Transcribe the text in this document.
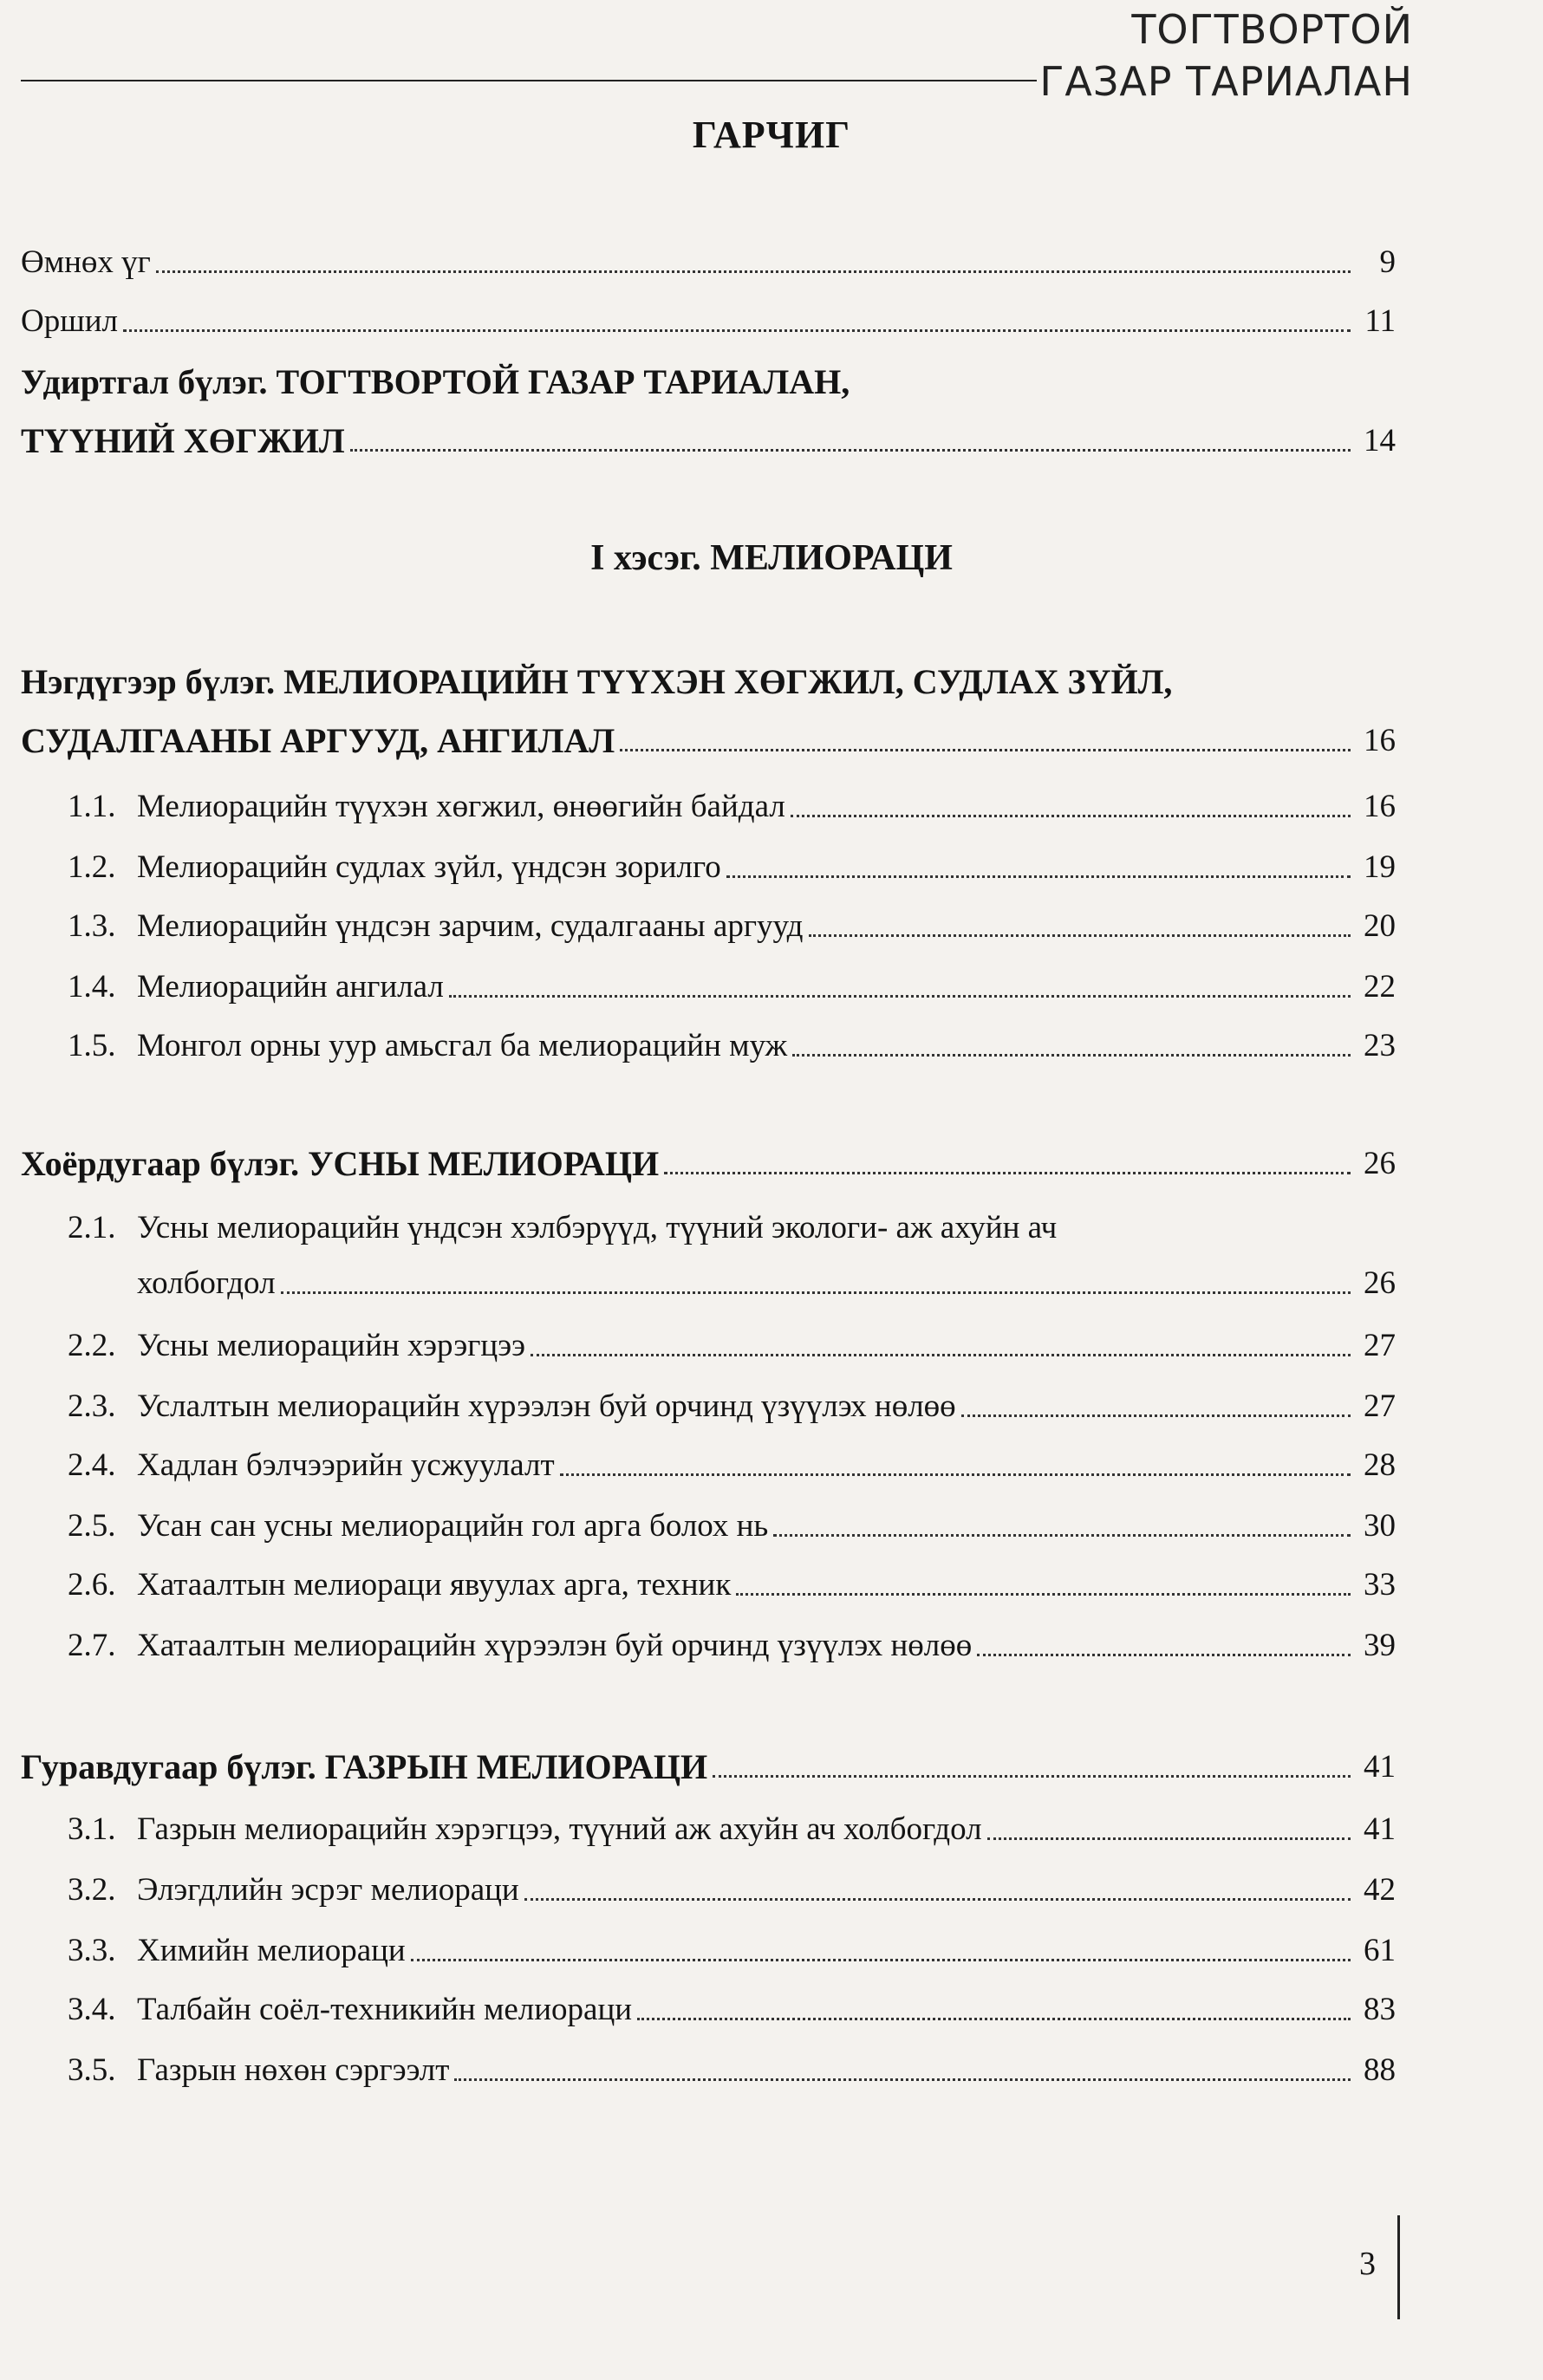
ТОГТВОРТОЙ
ГАЗАР ТАРИАЛАН
ГАРЧИГ
Өмнөх үг	9
Оршил	11
Удиртгал бүлэг. ТОГТВОРТОЙ ГАЗАР ТАРИАЛАН,
ТҮҮНИЙ ХӨГЖИЛ	14
I хэсэг. МЕЛИОРАЦИ
Нэгдүгээр бүлэг. МЕЛИОРАЦИЙН ТҮҮХЭН ХӨГЖИЛ, СУДЛАХ ЗҮЙЛ,
СУДАЛГААНЫ АРГУУД, АНГИЛАЛ	16
1.1. Мелиорацийн түүхэн хөгжил, өнөөгийн байдал	16
1.2. Мелиорацийн судлах зүйл, үндсэн зорилго	19
1.3. Мелиорацийн үндсэн зарчим, судалгааны аргууд	20
1.4. Мелиорацийн ангилал	22
1.5. Монгол орны уур амьсгал ба мелиорацийн муж	23
Хоёрдугаар бүлэг. УСНЫ МЕЛИОРАЦИ	26
2.1. Усны мелиорацийн үндсэн хэлбэрүүд, түүний экологи- аж ахуйн ач
холбогдол	26
2.2. Усны мелиорацийн хэрэгцээ	27
2.3. Услалтын мелиорацийн хүрээлэн буй орчинд үзүүлэх нөлөө	27
2.4. Хадлан бэлчээрийн усжуулалт	28
2.5. Усан сан усны мелиорацийн гол арга болох нь	30
2.6. Хатаалтын мелиораци явуулах арга, техник	33
2.7. Хатаалтын мелиорацийн хүрээлэн буй орчинд үзүүлэх нөлөө	39
Гуравдугаар бүлэг. ГАЗРЫН МЕЛИОРАЦИ	41
3.1. Газрын мелиорацийн хэрэгцээ, түүний аж ахуйн ач холбогдол	41
3.2. Элэгдлийн эсрэг мелиораци	42
3.3. Химийн мелиораци	61
3.4. Талбайн соёл-техникийн мелиораци	83
3.5. Газрын нөхөн сэргээлт	88
3
